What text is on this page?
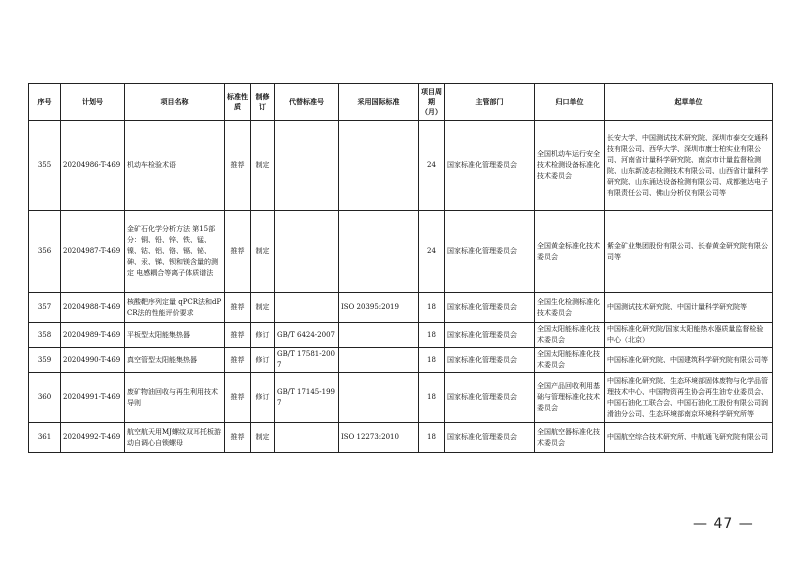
序号	计划号	项目名称	标准性质	制修订	代替标准号	采用国际标准	项目周期（月）	主管部门	归口单位	起草单位
355	20204986-T-469	机动车检验术语	推荐	制定			24	国家标准化管理委员会	全国机动车运行安全技术检测设备标准化技术委员会	长安大学、中国测试技术研究院、深圳市泰交交通科技有限公司、西华大学、深圳市康士柏实业有限公司、河南省计量科学研究院、南京市计量监督检测院、山东新凌志检测技术有限公司、山西省计量科学研究院、山东涌达设备检测有限公司、成都驰达电子有限责任公司、佛山分析仪有限公司等
356	20204987-T-469	金矿石化学分析方法 第15部分：铜、铅、锌、铁、锰、镍、钴、铝、铬、镉、铋、砷、汞、锑、钡和镁含量的测定 电感耦合等离子体质谱法	推荐	制定			24	国家标准化管理委员会	全国黄金标准化技术委员会	紫金矿业集团股份有限公司、长春黄金研究院有限公司等
357	20204988-T-469	核酸靶序列定量 qPCR法和dPCR法的性能评价要求	推荐	制定		ISO 20395:2019	18	国家标准化管理委员会	全国生化检测标准化技术委员会	中国测试技术研究院、中国计量科学研究院等
358	20204989-T-469	平板型太阳能集热器	推荐	修订	GB/T 6424-2007		18	国家标准化管理委员会	全国太阳能标准化技术委员会	中国标准化研究院/国家太阳能热水器质量监督检验中心（北京）
359	20204990-T-469	真空管型太阳能集热器	推荐	修订	GB/T 17581-2007		18	国家标准化管理委员会	全国太阳能标准化技术委员会	中国标准化研究院、中国建筑科学研究院有限公司等
360	20204991-T-469	废矿物油回收与再生利用技术导则	推荐	修订	GB/T 17145-1997		18	国家标准化管理委员会	全国产品回收利用基础与管理标准化技术委员会	中国标准化研究院、生态环境部固体废物与化学品管理技术中心、中国物资再生协会再生油专业委员会、中国石油化工联合会、中国石油化工股份有限公司润滑油分公司、生态环境部南京环境科学研究所等
361	20204992-T-469	航空航天用MJ螺纹双耳托板游动自调心自锁螺母	推荐	制定		ISO 12273:2010	18	国家标准化管理委员会	全国航空器标准化技术委员会	中国航空综合技术研究所、中航通飞研究院有限公司
— 47 —
